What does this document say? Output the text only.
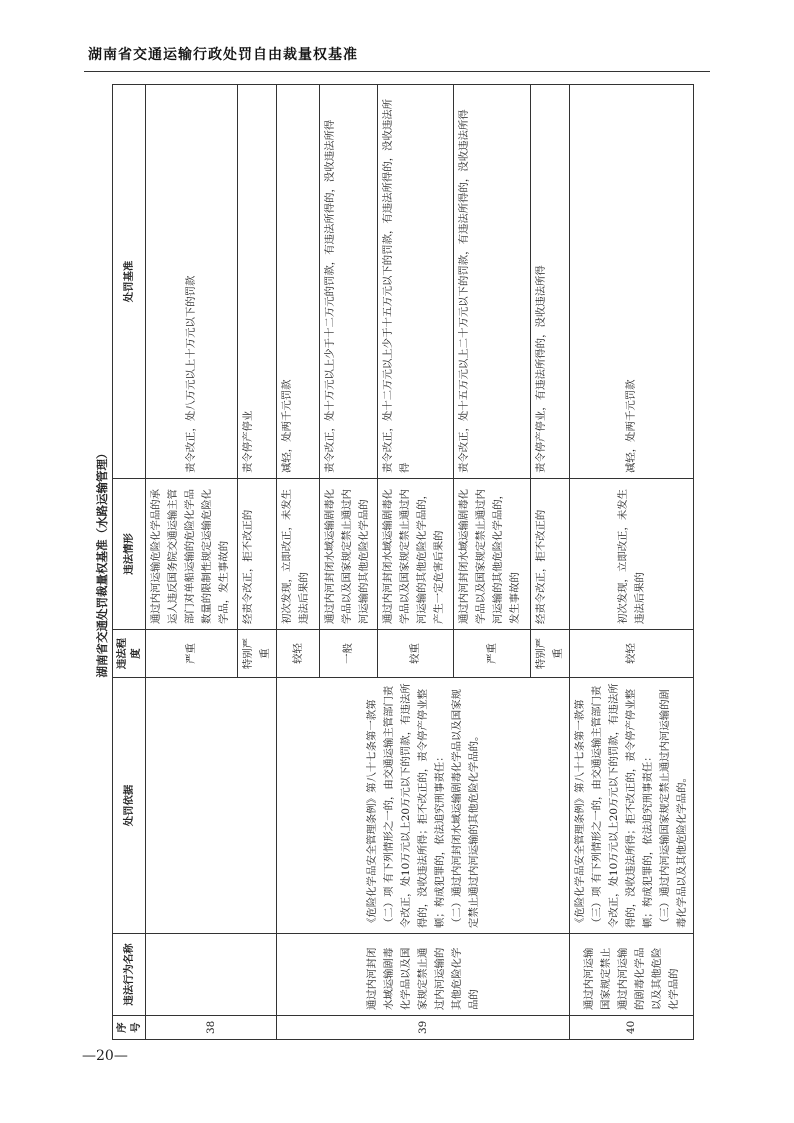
湖南省交通运输行政处罚自由裁量权基准
湖南省交通处罚裁量权基准（水路运输管理）
序号	违法行为名称	处罚依据	违法程度	违法情形	处罚基准
38			严重	通过内河运输危险化学品的承运人违反国务院交通运输主管部门对单船运输的危险化学品数量的限制性规定运输危险化学品，发生事故的	责令改正，处八万元以上十万元以下的罚款
			特别严重	经责令改正，拒不改正的	责令停产停业
39	通过内河封闭水域运输剧毒化学品以及国家规定禁止通过内河运输的其他危险化学品的	《危险化学品安全管理条例》第八十七条第一款第（二）项 有下列情形之一的，由交通运输主管部门责令改正，处10万元以上20万元以下的罚款，有违法所得的，没收违法所得；拒不改正的，责令停产停业整顿；构成犯罪的，依法追究刑事责任： （二）通过内河封闭水域运输剧毒化学品以及国家规定禁止通过内河运输的其他危险化学品的。	较轻	初次发现，立即改正，未发生违法后果的	减轻，处两千元罚款
			一般	通过内河封闭水域运输剧毒化学品以及国家规定禁止通过内河运输的其他危险化学品的	责令改正，处十万元以上少于十二万元的罚款，有违法所得的，没收违法所得
			较重	通过内河封闭水域运输剧毒化学品以及国家规定禁止通过内河运输的其他危险化学品的，产生一定危害后果的	责令改正，处十二万元以上少于十五万元以下的罚款，有违法所得的，没收违法所得
			严重	通过内河封闭水域运输剧毒化学品以及国家规定禁止通过内河运输的其他危险化学品的，发生事故的	责令改正，处十五万元以上二十万元以下的罚款，有违法所得的，没收违法所得
			特别严重	经责令改正，拒不改正的	责令停产停业，有违法所得的，没收违法所得
40	通过内河运输国家规定禁止通过内河运输的剧毒化学品以及其他危险化学品的	《危险化学品安全管理条例》第八十七条第一款第（三）项 有下列情形之一的，由交通运输主管部门责令改正，处10万元以上20万元以下的罚款，有违法所得的，没收违法所得；拒不改正的，责令停产停业整顿；构成犯罪的，依法追究刑事责任： （三）通过内河运输国家规定禁止通过内河运输的剧毒化学品以及其他危险化学品的。	较轻	初次发现，立即改正，未发生违法后果的	减轻，处两千元罚款
—20—
